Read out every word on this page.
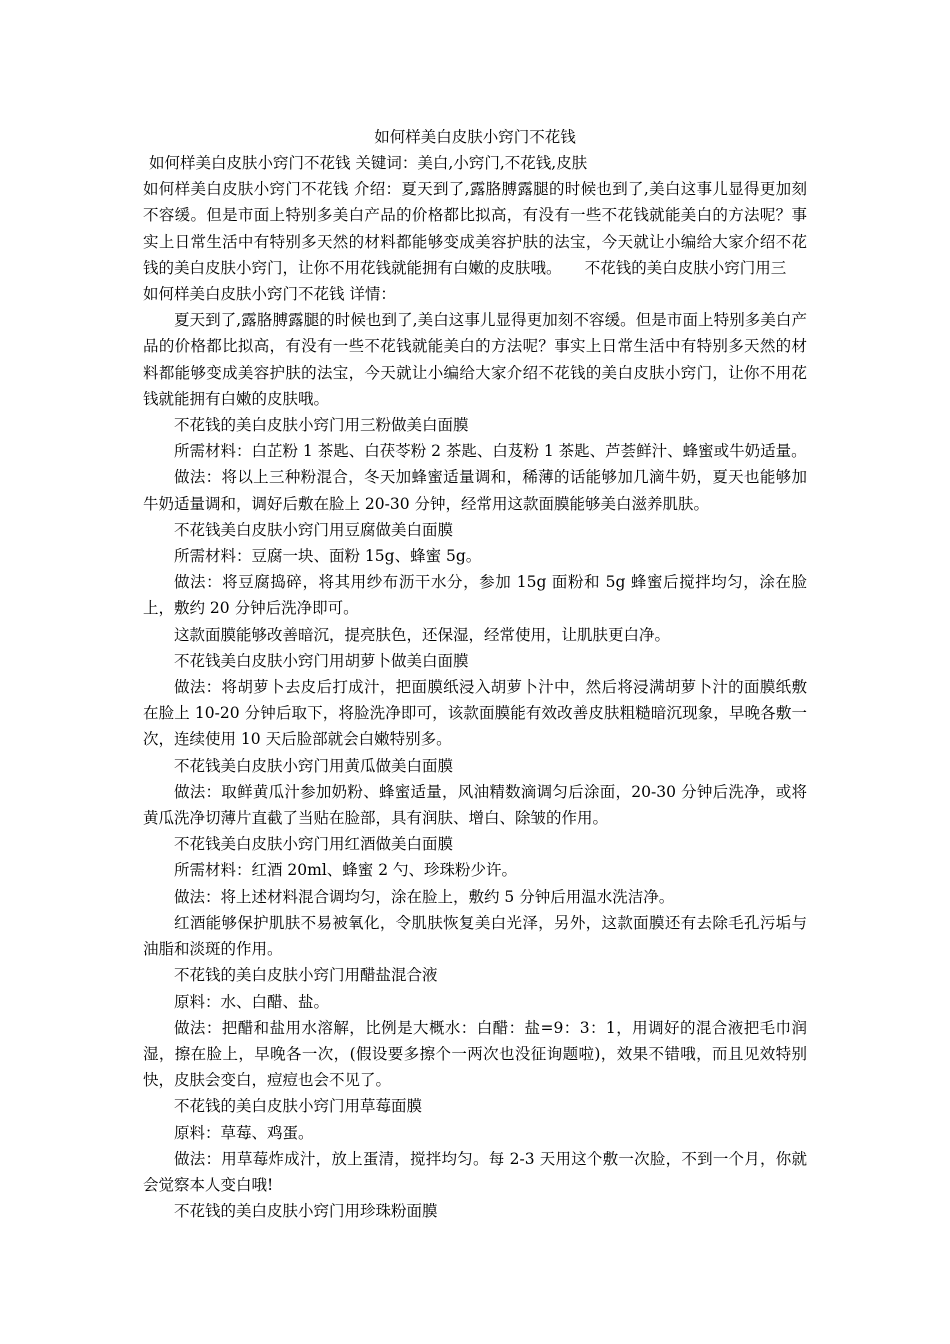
如何样美白皮肤小窍门不花钱

如何样美白皮肤小窍门不花钱 关键词：美白,小窍门,不花钱,皮肤

如何样美白皮肤小窍门不花钱 介绍：夏天到了,露胳膊露腿的时候也到了,美白这事儿显得更加刻不容缓。但是市面上特别多美白产品的价格都比拟高，有没有一些不花钱就能美白的方法呢？事实上日常生活中有特别多天然的材料都能够变成美容护肤的法宝，今天就让小编给大家介绍不花钱的美白皮肤小窍门，让你不用花钱就能拥有白嫩的皮肤哦。　　不花钱的美白皮肤小窍门用三

如何样美白皮肤小窍门不花钱 详情：

夏天到了,露胳膊露腿的时候也到了,美白这事儿显得更加刻不容缓。但是市面上特别多美白产品的价格都比拟高，有没有一些不花钱就能美白的方法呢？事实上日常生活中有特别多天然的材料都能够变成美容护肤的法宝，今天就让小编给大家介绍不花钱的美白皮肤小窍门，让你不用花钱就能拥有白嫩的皮肤哦。

不花钱的美白皮肤小窍门用三粉做美白面膜

所需材料：白芷粉 1 茶匙、白茯苓粉 2 茶匙、白芨粉 1 茶匙、芦荟鲜汁、蜂蜜或牛奶适量。

做法：将以上三种粉混合，冬天加蜂蜜适量调和，稀薄的话能够加几滴牛奶，夏天也能够加牛奶适量调和，调好后敷在脸上 20-30 分钟，经常用这款面膜能够美白滋养肌肤。

不花钱美白皮肤小窍门用豆腐做美白面膜

所需材料：豆腐一块、面粉 15g、蜂蜜 5g。

做法：将豆腐捣碎，将其用纱布沥干水分，参加 15g 面粉和 5g 蜂蜜后搅拌均匀，涂在脸上，敷约 20 分钟后洗净即可。

这款面膜能够改善暗沉，提亮肤色，还保湿，经常使用，让肌肤更白净。

不花钱美白皮肤小窍门用胡萝卜做美白面膜

做法：将胡萝卜去皮后打成汁，把面膜纸浸入胡萝卜汁中，然后将浸满胡萝卜汁的面膜纸敷在脸上 10-20 分钟后取下，将脸洗净即可，该款面膜能有效改善皮肤粗糙暗沉现象，早晚各敷一次，连续使用 10 天后脸部就会白嫩特别多。

不花钱美白皮肤小窍门用黄瓜做美白面膜

做法：取鲜黄瓜汁参加奶粉、蜂蜜适量，风油精数滴调匀后涂面，20-30 分钟后洗净，或将黄瓜洗净切薄片直截了当贴在脸部，具有润肤、增白、除皱的作用。

不花钱美白皮肤小窍门用红酒做美白面膜

所需材料：红酒 20ml、蜂蜜 2 勺、珍珠粉少许。

做法：将上述材料混合调均匀，涂在脸上，敷约 5 分钟后用温水洗洁净。

红酒能够保护肌肤不易被氧化，令肌肤恢复美白光泽，另外，这款面膜还有去除毛孔污垢与油脂和淡斑的作用。

不花钱的美白皮肤小窍门用醋盐混合液

原料：水、白醋、盐。

做法：把醋和盐用水溶解，比例是大概水：白醋：盐=9：3：1，用调好的混合液把毛巾润湿，擦在脸上，早晚各一次，(假设要多擦个一两次也没征询题啦)，效果不错哦，而且见效特别快，皮肤会变白，痘痘也会不见了。

不花钱的美白皮肤小窍门用草莓面膜

原料：草莓、鸡蛋。

做法：用草莓炸成汁，放上蛋清，搅拌均匀。每 2-3 天用这个敷一次脸，不到一个月，你就会觉察本人变白哦!

不花钱的美白皮肤小窍门用珍珠粉面膜
